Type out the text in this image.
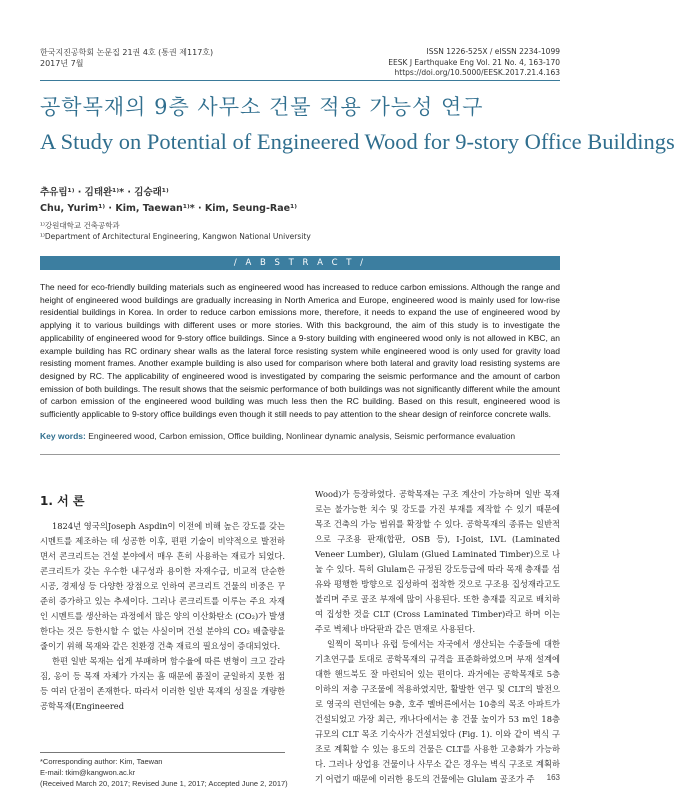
한국지진공학회 논문집 21권 4호 (통권 제117호)
2017년 7월
ISSN 1226-525X / eISSN 2234-1099
EESK J Earthquake Eng Vol. 21 No. 4, 163-170
https://doi.org/10.5000/EESK.2017.21.4.163
공학목재의 9층 사무소 건물 적용 가능성 연구
A Study on Potential of Engineered Wood for 9-story Office Buildings
추유림¹⁾ · 김태완¹⁾* · 김승래¹⁾
Chu, Yurim¹⁾ · Kim, Taewan¹⁾* · Kim, Seung-Rae¹⁾
¹⁾강원대학교 건축공학과
¹⁾Department of Architectural Engineering, Kangwon National University
/ A B S T R A C T /

The need for eco-friendly building materials such as engineered wood has increased to reduce carbon emissions. Although the range and height of engineered wood buildings are gradually increasing in North America and Europe, engineered wood is mainly used for low-rise residential buildings in Korea. In order to reduce carbon emissions more, therefore, it needs to expand the use of engineered wood by applying it to various buildings with different uses or more stories. With this background, the aim of this study is to investigate the applicability of engineered wood for 9-story office buildings. Since a 9-story building with engineered wood only is not allowed in KBC, an example building has RC ordinary shear walls as the lateral force resisting system while engineered wood is only used for gravity load resisting moment frames. Another example building is also used for comparison where both lateral and gravity load resisting systems are designed by RC. The applicability of engineered wood is investigated by comparing the seismic performance and the amount of carbon emission of both buildings. The result shows that the seismic performance of both buildings was not significantly different while the amount of carbon emission of the engineered wood building was much less then the RC building. Based on this result, engineered wood is sufficiently applicable to 9-story office buildings even though it still needs to pay attention to the shear design of reinforce concrete walls.

Key words: Engineered wood, Carbon emission, Office building, Nonlinear dynamic analysis, Seismic performance evaluation
1. 서 론

1824년 영국의Joseph Aspdin이 이전에 비해 높은 강도를 갖는 시멘트를 제조하는 데 성공한 이후, 편편 기술이 비약적으로 발전하면서 콘크리트는 건설 분야에서 매우 흔히 사용하는 재료가 되었다. 콘크리트가 갖는 우수한 내구성과 용이한 자재수급, 비교적 단순한 시공, 경제성 등 다양한 장점으로 인하여 콘크리트 건물의 비중은 꾸준히 증가하고 있는 추세이다. 그러나 콘크리트를 이루는 주요 자재인 시멘트를 생산하는 과정에서 많은 양의 이산화탄소 (CO₂)가 발생한다는 것은 등한시할 수 없는 사실이며 건설 분야의 CO₂ 배출량을 줄이기 위해 목재와 같은 친환경 건축 재료의 필요성이 증대되었다.

한편 일반 목재는 쉽게 부패하며 함수율에 따른 변형이 크고 갈라짐, 옹이 등 목재 자체가 가지는 흠 때문에 품질이 균일하지 못한 점 등 여러 단점이 존재한다. 따라서 이러한 일반 목재의 성질을 개량한 공학목재(Engineered

Wood)가 등장하였다. 공학목재는 구조 계산이 가능하며 일반 목재로는 불가능한 치수 및 강도를 가진 부재를 제작할 수 있기 때문에 목조 건축의 가능 범위를 확장할 수 있다. 공학목재의 종류는 일반적으로 구조용 판재(합판, OSB 등), I-Joist, LVL (Laminated Veneer Lumber), Glulam (Glued Laminated Timber)으로 나눌 수 있다. 특히 Glulam은 규정된 강도등급에 따라 목재 층재를 섬유와 평행한 방향으로 집성하여 접착한 것으로 구조용 집성재라고도 불리며 주로 골조 부재에 많이 사용된다. 또한 층재를 직교로 배치하여 집성한 것을 CLT (Cross Laminated Timber)라고 하며 이는 주로 벽체나 바닥판과 같은 면재로 사용된다.

일찍이 목미나 유럽 등에서는 자국에서 생산되는 수종들에 대한 기초연구를 토대로 공학목재의 규격을 표준화하였으며 부재 설계에 대한 핸드북도 잘 마련되어 있는 편이다. 과거에는 공학목재로 5층 이하의 저층 구조물에 적용하였지만, 활발한 연구 및 CLT의 발전으로 영국의 런던에는 9층, 호주 멜버른에서는 10층의 목조 아파트가 건설되었고 가장 최근, 캐나다에서는 총 건물 높이가 53 m인 18층 규모의 CLT 목조 기숙사가 건설되었다 (Fig. 1). 이와 같이 벽식 구조로 계획할 수 있는 용도의 건물은 CLT를 사용한 고층화가 가능하다. 그러나 상업용 건물이나 사무소 같은 경우는 벽식 구조로 계획하기 어렵기 때문에 이러한 용도의 건물에는 Glulam 골조가 주

*Corresponding author: Kim, Taewan
E-mail: tkim@kangwon.ac.kr
(Received March 20, 2017; Revised June 1, 2017; Accepted June 2, 2017)
163
